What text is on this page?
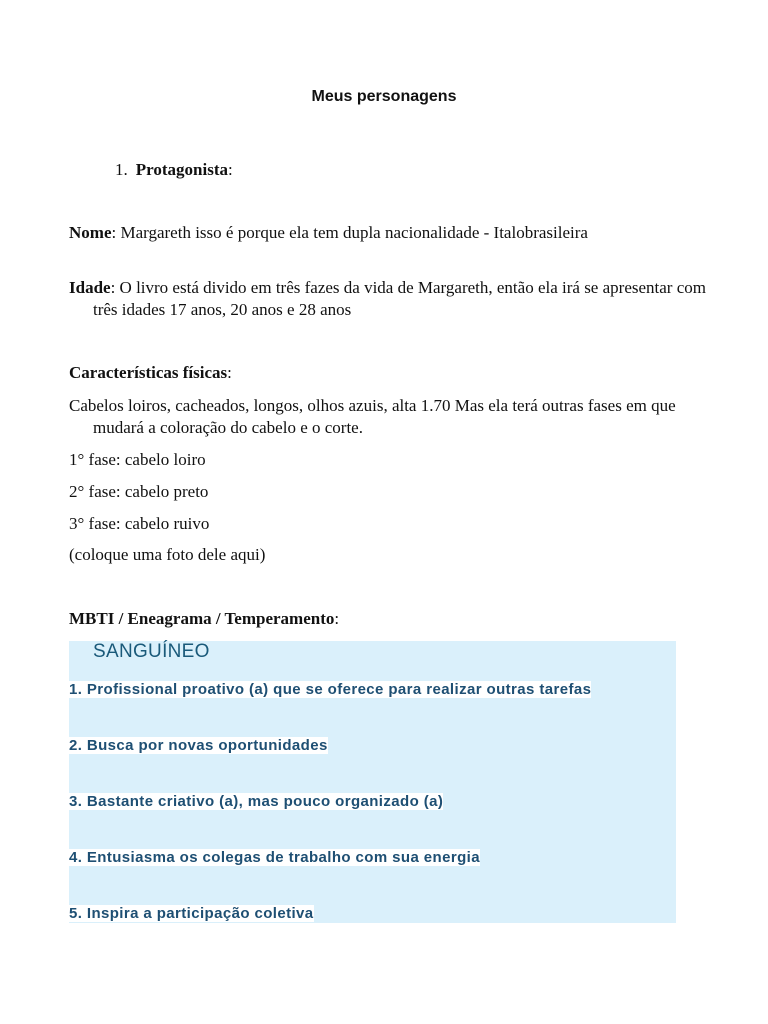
Meus personagens
1. Protagonista:
Nome: Margareth isso é porque ela tem dupla nacionalidade - Italobrasileira
Idade: O livro está divido em três fazes da vida de Margareth, então ela irá se apresentar com três idades 17 anos, 20 anos e 28 anos
Características físicas:
Cabelos loiros, cacheados, longos, olhos azuis, alta 1.70 Mas ela terá outras fases em que mudará a coloração do cabelo e o corte.
1° fase: cabelo loiro
2° fase: cabelo preto
3° fase: cabelo ruivo
(coloque uma foto dele aqui)
MBTI / Eneagrama / Temperamento:
SANGUÍNEO
1. Profissional proativo (a) que se oferece para realizar outras tarefas
2. Busca por novas oportunidades
3. Bastante criativo (a), mas pouco organizado (a)
4. Entusiasma os colegas de trabalho com sua energia
5. Inspira a participação coletiva
